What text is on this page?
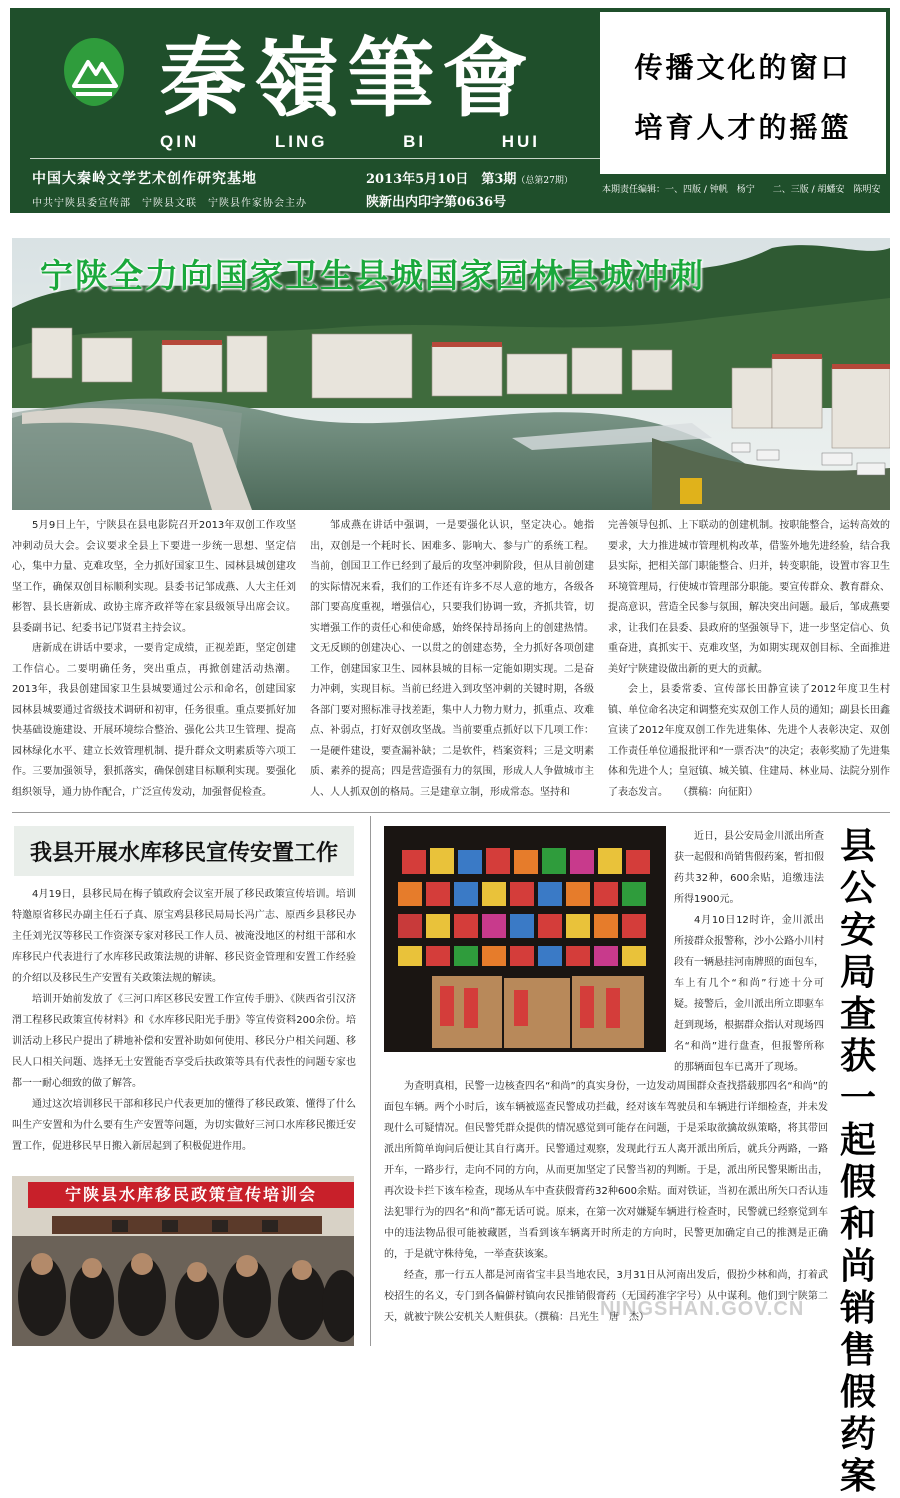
秦嶺筆會
QIN	LING	BI	HUI
中国大秦岭文学艺术创作研究基地
中共宁陕县委宣传部　宁陕县文联　宁陕县作家协会主办
2013年5月10日　第3期（总第27期）
陕新出内印字第0636号
传播文化的窗口
培育人才的摇篮
本期责任编辑：一、四版 / 钟帆　杨宁　　二、三版 / 胡蟠安　陈明安
宁陕全力向国家卫生县城国家园林县城冲刺

5月9日上午，宁陕县在县电影院召开2013年双创工作攻坚冲刺动员大会。会议要求全县上下要进一步统一思想、坚定信心，集中力量、克难攻坚，全力抓好国家卫生、园林县城创建攻坚工作，确保双创目标顺利实现。县委书记邹成燕、人大主任刘彬智、县长唐新成、政协主席齐政祥等在家县级领导出席会议。县委副书记、纪委书记邝贤君主持会议。

唐新成在讲话中要求，一要肯定成绩，正视差距，坚定创建工作信心。二要明确任务，突出重点，再掀创建活动热潮。2013年，我县创建国家卫生县城要通过公示和命名，创建国家园林县城要通过省级技术调研和初审，任务很重。重点要抓好加快基础设施建设、开展环境综合整治、强化公共卫生管理、提高园林绿化水平、建立长效管理机制、提升群众文明素质等六项工作。三要加强领导，狠抓落实，确保创建目标顺利实现。要强化组织领导，通力协作配合，广泛宣传发动，加强督促检查。

邹成燕在讲话中强调，一是要强化认识，坚定决心。她指出，双创是一个耗时长、困难多、影响大、参与广的系统工程。当前，创国卫工作已经到了最后的攻坚冲刺阶段，但从目前创建的实际情况来看，我们的工作还有许多不尽人意的地方，各级各部门要高度重视，增强信心，只要我们协调一致，齐抓共管，切实增强工作的责任心和使命感，始终保持昂扬向上的创建热情。文无反顾的创建决心、一以贯之的创建态势，全力抓好各项创建工作，创建国家卫生、园林县城的目标一定能如期实现。二是奋力冲刺，实现目标。当前已经进入到攻坚冲刺的关键时期，各级各部门要对照标准寻找差距，集中人力物力财力，抓重点、攻难点、补弱点，打好双创攻坚战。当前要重点抓好以下几项工作：一是硬件建设，要查漏补缺；二是软件，档案资料；三是文明素质、素养的提高；四是营造强有力的氛围，形成人人争做城市主人、人人抓双创的格局。三是建章立制，形成常态。坚持和

完善领导包抓、上下联动的创建机制。按职能整合，运转高效的要求，大力推进城市管理机构改革，借鉴外地先进经验，结合我县实际，把相关部门职能整合、归并，转变职能，设置市容卫生环境管理局，行使城市管理部分职能。要宣传群众、教育群众、提高意识，营造全民参与氛围，解决突出问题。最后，邹成燕要求，让我们在县委、县政府的坚强领导下，进一步坚定信心、负重奋进，真抓实干、克难攻坚，为如期实现双创目标、全面推进美好宁陕建设做出新的更大的贡献。

会上，县委常委、宣传部长田静宣读了2012年度卫生村镇、单位命名决定和调整充实双创工作人员的通知；副县长田鑫宣读了2012年度双创工作先进集体、先进个人表彰决定、双创工作责任单位通报批评和“一票否决”的决定；表彰奖励了先进集体和先进个人；皇冠镇、城关镇、住建局、林业局、法院分别作了表态发言。　　（撰稿：向征阳）

我县开展水库移民宣传安置工作

4月19日，县移民局在梅子镇政府会议室开展了移民政策宣传培训。培训特邀原省移民办副主任石子真、原宝鸡县移民局局长冯广志、原西乡县移民办主任刘光汉等移民工作资深专家对移民工作人员、被淹没地区的村组干部和水库移民户代表进行了水库移民政策法规的讲解、移民资金管理和安置工作经验的介绍以及移民生产安置有关政策法规的解读。

培训开始前发放了《三河口库区移民安置工作宣传手册》、《陕西省引汉济渭工程移民政策宣传材料》和《水库移民阳光手册》等宣传资料200余份。培训活动上移民户提出了耕地补偿和安置补助如何使用、移民分户相关问题、移民人口相关问题、选择无土安置能否享受后扶政策等具有代表性的问题专家也都一一耐心细致的做了解答。

通过这次培训移民干部和移民户代表更加的懂得了移民政策、懂得了什么叫生产安置和为什么要有生产安置等问题，为切实做好三河口水库移民搬迁安置工作，促进移民早日搬入新居起到了积极促进作用。

宁陕县水库移民政策宣传培训会

近日，县公安局金川派出所查获一起假和尚销售假药案，暂扣假药共32种，600余贴，追缴违法所得1900元。

4月10日12时许，金川派出所接群众报警称，沙小公路小川村段有一辆悬挂河南牌照的面包车，车上有几个“和尚”行迹十分可疑。接警后，金川派出所立即驱车赶到现场，根据群众指认对现场四名“和尚”进行盘查，但报警所称的那辆面包车已离开了现场。

县公安局查获一起假和尚销售假药案

为查明真相，民警一边核查四名“和尚”的真实身份，一边发动周围群众查找搭载那四名“和尚”的面包车辆。两个小时后，该车辆被巡查民警成功拦截，经对该车驾驶员和车辆进行详细检查，并未发现什么可疑情况。但民警凭群众提供的情况感觉到可能存在问题，于是采取欲擒故纵策略，将其带回派出所简单询问后便让其自行离开。民警通过观察，发现此行五人离开派出所后，就兵分两路，一路开车，一路步行，走向不同的方向，从而更加坚定了民警当初的判断。于是，派出所民警果断出击，再次设卡拦下该车检查，现场从车中查获假膏药32种600余贴。面对铁证，当初在派出所矢口否认违法犯罪行为的四名“和尚”都无话可说。原来，在第一次对嫌疑车辆进行检查时，民警就已经察觉到车中的违法物品很可能被藏匿，当看到该车辆离开时所走的方向时，民警更加确定自己的推测是正确的，于是就守株待兔，一举查获该案。

经查，那一行五人都是河南省宝丰县当地农民，3月31日从河南出发后，假扮少林和尚，打着武校招生的名义，专门到各偏僻村镇向农民推销假膏药（无国药准字字号）从中谋利。他们到宁陕第二天，就被宁陕公安机关人赃俱获。（撰稿：吕光生　唐　杰）

NINGSHAN.GOV.CN
